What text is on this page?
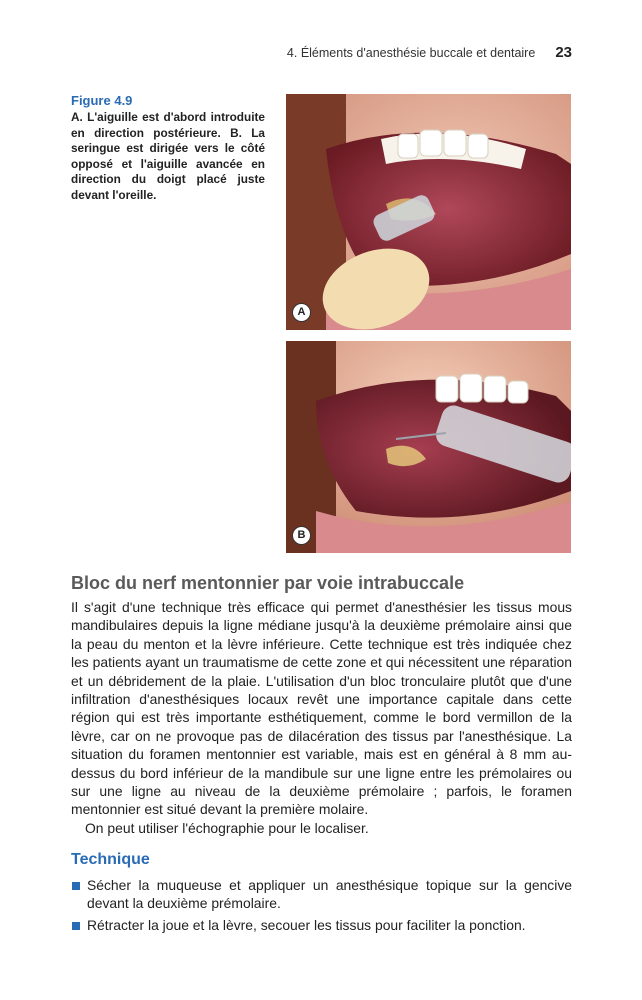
4. Éléments d'anesthésie buccale et dentaire 23
Figure 4.9
A. L'aiguille est d'abord introduite en direction postérieure. B. La seringue est dirigée vers le côté opposé et l'aiguille avancée en direction du doigt placé juste devant l'oreille.
A
B
Bloc du nerf mentonnier par voie intrabuccale

Il s'agit d'une technique très efficace qui permet d'anesthésier les tissus mous mandibulaires depuis la ligne médiane jusqu'à la deuxième prémolaire ainsi que la peau du menton et la lèvre inférieure. Cette technique est très indiquée chez les patients ayant un traumatisme de cette zone et qui nécessitent une réparation et un débridement de la plaie. L'utilisation d'un bloc tronculaire plutôt que d'une infiltration d'anesthésiques locaux revêt une importance capitale dans cette région qui est très importante esthétiquement, comme le bord vermillon de la lèvre, car on ne provoque pas de dilacération des tissus par l'anesthésique. La situation du foramen mentonnier est variable, mais est en général à 8 mm au-dessus du bord inférieur de la mandibule sur une ligne entre les prémolaires ou sur une ligne au niveau de la deuxième prémolaire ; parfois, le foramen mentonnier est situé devant la première molaire.

On peut utiliser l'échographie pour le localiser.

Technique
Sécher la muqueuse et appliquer un anesthésique topique sur la gencive devant la deuxième prémolaire.
Rétracter la joue et la lèvre, secouer les tissus pour faciliter la ponction.
